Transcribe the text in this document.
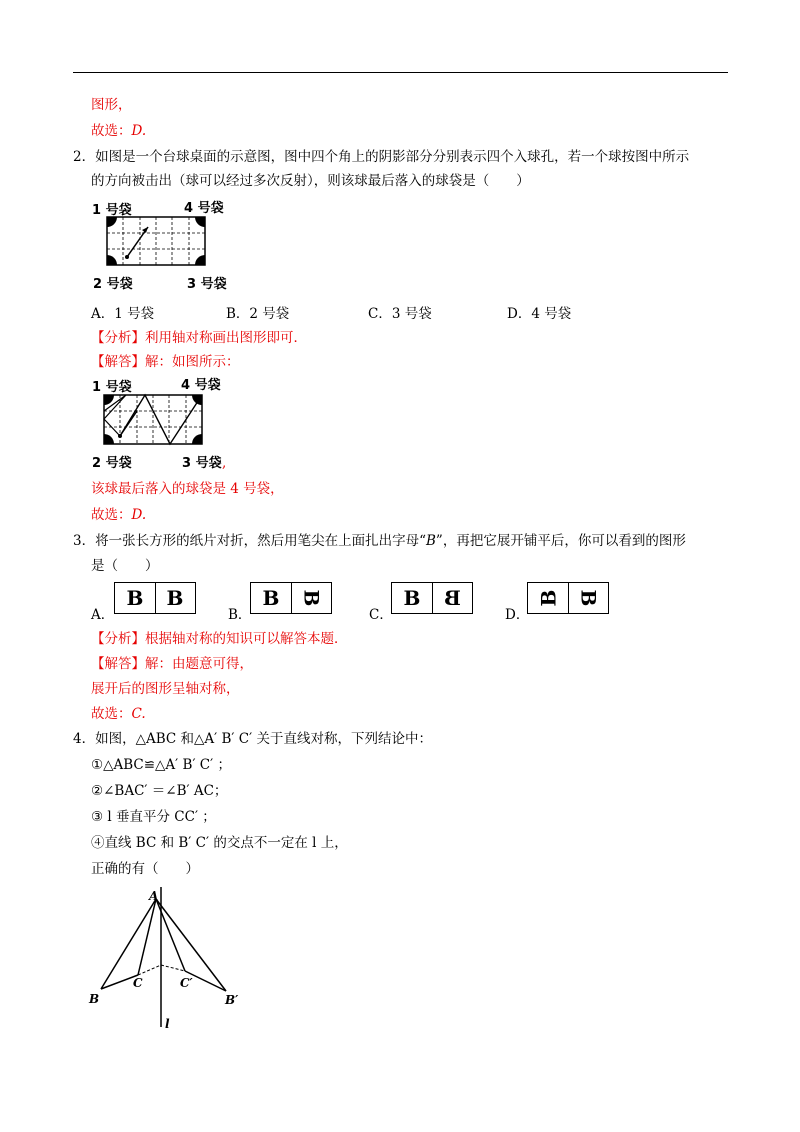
图形，
故选：D.
2．如图是一个台球桌面的示意图，图中四个角上的阴影部分分别表示四个入球孔，若一个球按图中所示
的方向被击出（球可以经过多次反射），则该球最后落入的球袋是（　　）
1 号袋	4 号袋
2 号袋	3 号袋
A．1 号袋	B．2 号袋	C．3 号袋	D．4 号袋
【分析】利用轴对称画出图形即可．
【解答】解：如图所示：
1 号袋	4 号袋
2 号袋	3 号袋 ,
该球最后落入的球袋是 4 号袋，
故选：D.
3．将一张长方形的纸片对折，然后用笔尖在上面扎出字母“B”，再把它展开铺平后，你可以看到的图形
是（　　）
A．
B	B
B．
B B
C．
B	B
D．
B B
【分析】根据轴对称的知识可以解答本题．
【解答】解：由题意可得，
展开后的图形呈轴对称，
故选：C.
4．如图，△ABC 和△A′ B′ C′ 关于直线对称，下列结论中：
①△ABC≌△A′ B′ C′ ；
②∠BAC′ ＝∠B′ AC；
③ l 垂直平分 CC′ ；
④直线 BC 和 B′ C′ 的交点不一定在 l 上，
正确的有（　　）
A
B
C	C′
B′
l
